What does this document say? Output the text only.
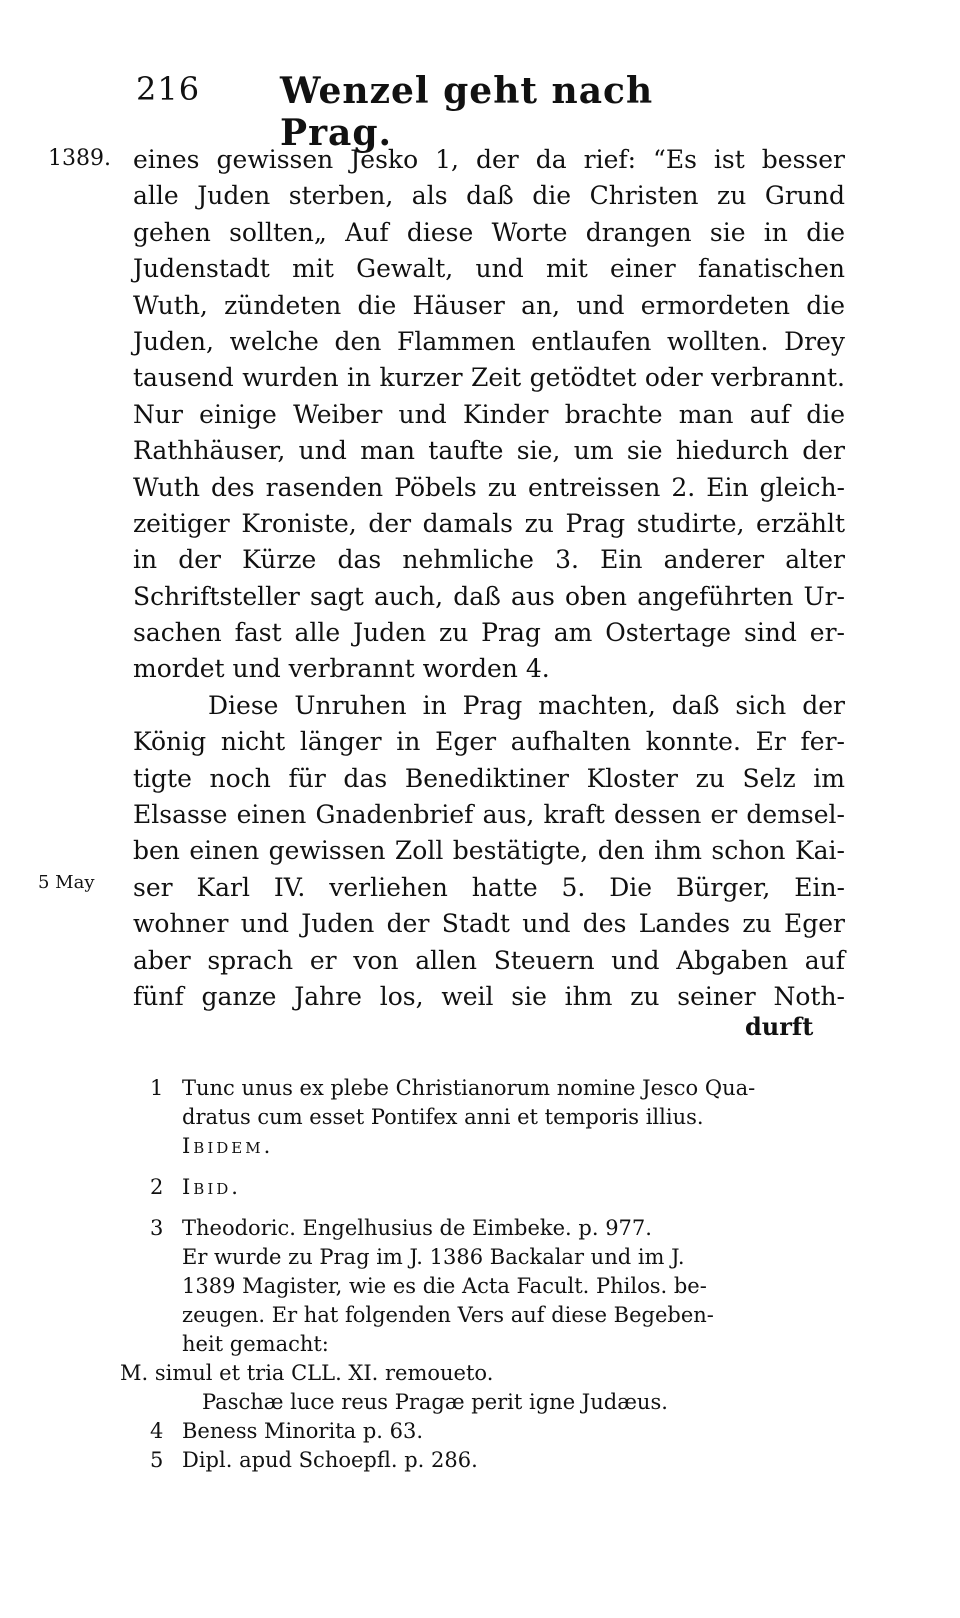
216 Wenzel geht nach Prag.
1389.
5 May
eines gewissen Jesko 1, der da rief: “Es ist besser
alle Juden sterben, als daß die Christen zu Grund
gehen sollten„ Auf diese Worte drangen sie in die
Judenstadt mit Gewalt, und mit einer fanatischen
Wuth, zündeten die Häuser an, und ermordeten die
Juden, welche den Flammen entlaufen wollten. Drey
tausend wurden in kurzer Zeit getödtet oder verbrannt.
Nur einige Weiber und Kinder brachte man auf die
Rathhäuser, und man taufte sie, um sie hiedurch der
Wuth des rasenden Pöbels zu entreissen 2. Ein gleich-
zeitiger Kroniste, der damals zu Prag studirte, erzählt
in der Kürze das nehmliche 3. Ein anderer alter
Schriftsteller sagt auch, daß aus oben angeführten Ur-
sachen fast alle Juden zu Prag am Ostertage sind er-
mordet und verbrannt worden 4.
Diese Unruhen in Prag machten, daß sich der
König nicht länger in Eger aufhalten konnte. Er fer-
tigte noch für das Benediktiner Kloster zu Selz im
Elsasse einen Gnadenbrief aus, kraft dessen er demsel-
ben einen gewissen Zoll bestätigte, den ihm schon Kai-
ser Karl IV. verliehen hatte 5. Die Bürger, Ein-
wohner und Juden der Stadt und des Landes zu Eger
aber sprach er von allen Steuern und Abgaben auf
fünf ganze Jahre los, weil sie ihm zu seiner Noth-
durft
1 Tunc unus ex plebe Christianorum nomine Jesco Qua-
dratus cum esset Pontifex anni et temporis illius.
Ibidem.
2 Ibid.
3 Theodoric. Engelhusius de Eimbeke. p. 977.
Er wurde zu Prag im J. 1386 Backalar und im J.
1389 Magister, wie es die Acta Facult. Philos. be-
zeugen. Er hat folgenden Vers auf diese Begeben-
heit gemacht:
M. simul et tria CLL. XI. remoueto.
Paschæ luce reus Pragæ perit igne Judæus.
4 Beness Minorita p. 63.
5 Dipl. apud Schoepfl. p. 286.
